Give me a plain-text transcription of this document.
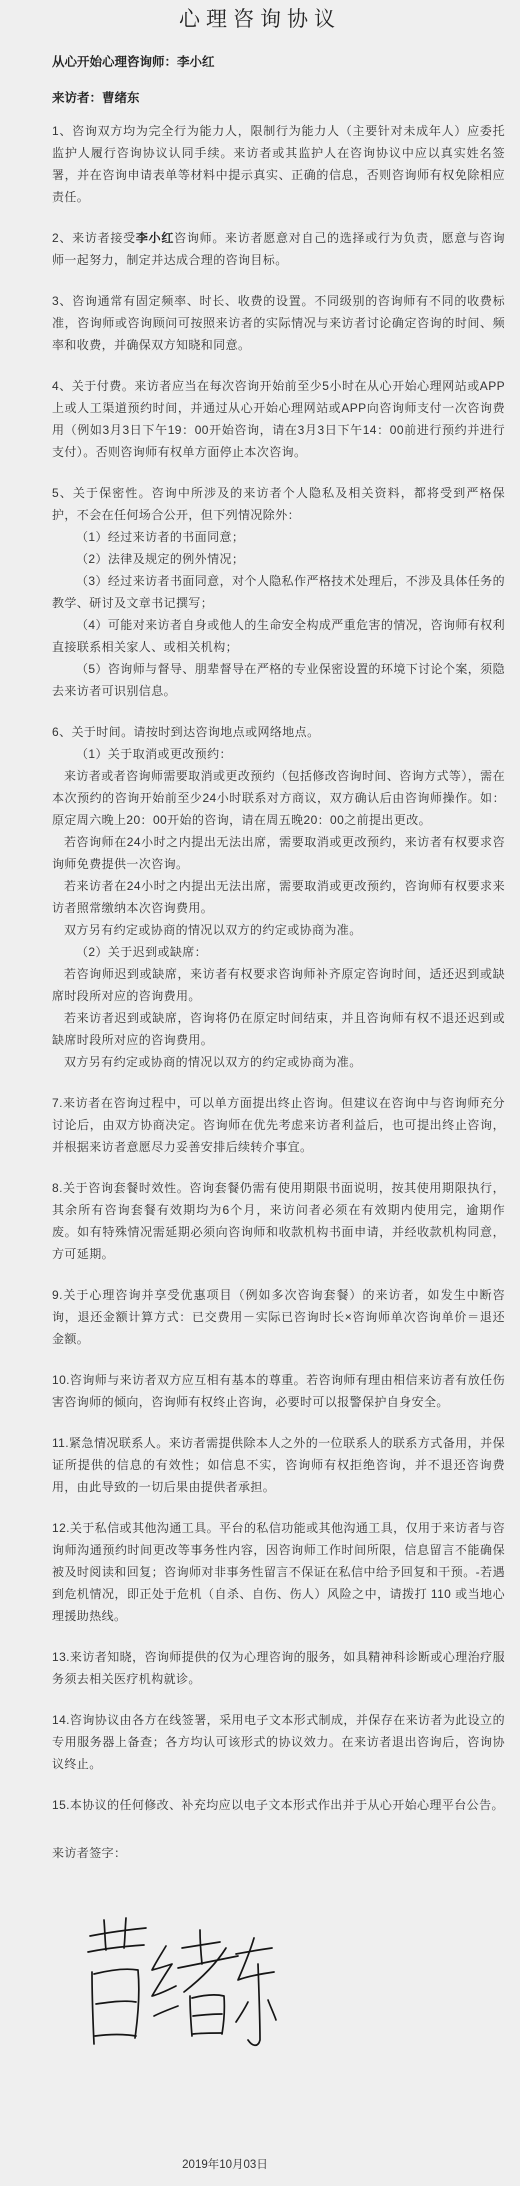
心理咨询协议

从心开始心理咨询师：李小红

来访者：曹绪东

1、咨询双方均为完全行为能力人，限制行为能力人（主要针对未成年人）应委托监护人履行咨询协议认同手续。来访者或其监护人在咨询协议中应以真实姓名签署，并在咨询申请表单等材料中提示真实、正确的信息，否则咨询师有权免除相应责任。

2、来访者接受李小红咨询师。来访者愿意对自己的选择或行为负责，愿意与咨询师一起努力，制定并达成合理的咨询目标。

3、咨询通常有固定频率、时长、收费的设置。不同级别的咨询师有不同的收费标准，咨询师或咨询顾问可按照来访者的实际情况与来访者讨论确定咨询的时间、频率和收费，并确保双方知晓和同意。

4、关于付费。来访者应当在每次咨询开始前至少5小时在从心开始心理网站或APP上或人工渠道预约时间，并通过从心开始心理网站或APP向咨询师支付一次咨询费用（例如3月3日下午19：00开始咨询，请在3月3日下午14：00前进行预约并进行支付）。否则咨询师有权单方面停止本次咨询。

5、关于保密性。咨询中所涉及的来访者个人隐私及相关资料，都将受到严格保护，不会在任何场合公开，但下列情况除外：

（1）经过来访者的书面同意；

（2）法律及规定的例外情况；

（3）经过来访者书面同意，对个人隐私作严格技术处理后，不涉及具体任务的教学、研讨及文章书记撰写；

（4）可能对来访者自身或他人的生命安全构成严重危害的情况，咨询师有权利直接联系相关家人、或相关机构；

（5）咨询师与督导、朋辈督导在严格的专业保密设置的环境下讨论个案，须隐去来访者可识别信息。

6、关于时间。请按时到达咨询地点或网络地点。

（1）关于取消或更改预约：

来访者或者咨询师需要取消或更改预约（包括修改咨询时间、咨询方式等），需在本次预约的咨询开始前至少24小时联系对方商议，双方确认后由咨询师操作。如：原定周六晚上20：00开始的咨询，请在周五晚20：00之前提出更改。

若咨询师在24小时之内提出无法出席，需要取消或更改预约，来访者有权要求咨询师免费提供一次咨询。

若来访者在24小时之内提出无法出席，需要取消或更改预约，咨询师有权要求来访者照常缴纳本次咨询费用。

双方另有约定或协商的情况以双方的约定或协商为准。

（2）关于迟到或缺席：

若咨询师迟到或缺席，来访者有权要求咨询师补齐原定咨询时间，适还迟到或缺席时段所对应的咨询费用。

若来访者迟到或缺席，咨询将仍在原定时间结束，并且咨询师有权不退还迟到或缺席时段所对应的咨询费用。

双方另有约定或协商的情况以双方的约定或协商为准。

7.来访者在咨询过程中，可以单方面提出终止咨询。但建议在咨询中与咨询师充分讨论后，由双方协商决定。咨询师在优先考虑来访者利益后，也可提出终止咨询，并根据来访者意愿尽力妥善安排后续转介事宜。

8.关于咨询套餐时效性。咨询套餐仍需有使用期限书面说明，按其使用期限执行，其余所有咨询套餐有效期均为6个月，来访问者必须在有效期内使用完，逾期作废。如有特殊情况需延期必须向咨询师和收款机构书面申请，并经收款机构同意，方可延期。

9.关于心理咨询并享受优惠项目（例如多次咨询套餐）的来访者，如发生中断咨询，退还金额计算方式：已交费用－实际已咨询时长×咨询师单次咨询单价＝退还金额。

10.咨询师与来访者双方应互相有基本的尊重。若咨询师有理由相信来访者有放任伤害咨询师的倾向，咨询师有权终止咨询，必要时可以报警保护自身安全。

11.紧急情况联系人。来访者需提供除本人之外的一位联系人的联系方式备用，并保证所提供的信息的有效性；如信息不实，咨询师有权拒绝咨询，并不退还咨询费用，由此导致的一切后果由提供者承担。

12.关于私信或其他沟通工具。平台的私信功能或其他沟通工具，仅用于来访者与咨询师沟通预约时间更改等事务性内容，因咨询师工作时间所限，信息留言不能确保被及时阅读和回复；咨询师对非事务性留言不保证在私信中给予回复和干预。-若遇到危机情况，即正处于危机（自杀、自伤、伤人）风险之中，请拨打 110 或当地心理援助热线。

13.来访者知晓，咨询师提供的仅为心理咨询的服务，如具精神科诊断或心理治疗服务须去相关医疗机构就诊。

14.咨询协议由各方在线签署，采用电子文本形式制成，并保存在来访者为此设立的专用服务器上备查；各方均认可该形式的协议效力。在来访者退出咨询后，咨询协议终止。

15.本协议的任何修改、补充均应以电子文本形式作出并于从心开始心理平台公告。

来访者签字：

2019年10月03日
